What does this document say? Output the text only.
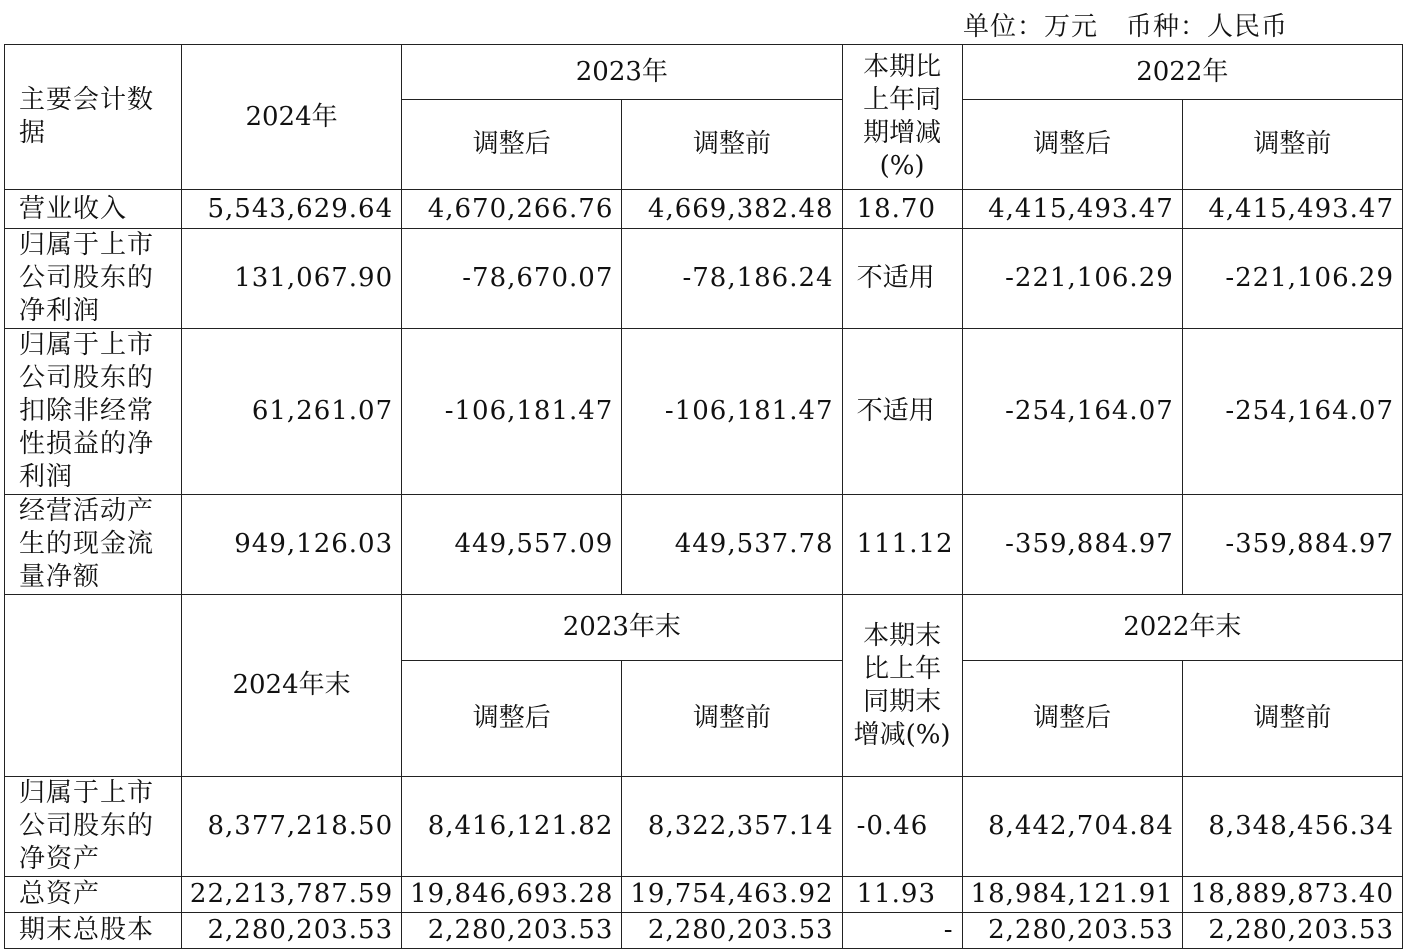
单位：万元 币种：人民币
主要会计数据	2024年	2023年		本期比上年同期增减(%)	2022年	
		调整后	调整前		调整后	调整前
营业收入	5,543,629.64	4,670,266.76	4,669,382.48	18.70	4,415,493.47	4,415,493.47
归属于上市公司股东的净利润	131,067.90	-78,670.07	-78,186.24	不适用	-221,106.29	-221,106.29
归属于上市公司股东的扣除非经常性损益的净利润	61,261.07	-106,181.47	-106,181.47	不适用	-254,164.07	-254,164.07
经营活动产生的现金流量净额	949,126.03	449,557.09	449,537.78	111.12	-359,884.97	-359,884.97
	2024年末	2023年末		本期末比上年同期末增减(%)	2022年末	
		调整后	调整前		调整后	调整前
归属于上市公司股东的净资产	8,377,218.50	8,416,121.82	8,322,357.14	-0.46	8,442,704.84	8,348,456.34
总资产	22,213,787.59	19,846,693.28	19,754,463.92	11.93	18,984,121.91	18,889,873.40
期末总股本	2,280,203.53	2,280,203.53	2,280,203.53	-	2,280,203.53	2,280,203.53
